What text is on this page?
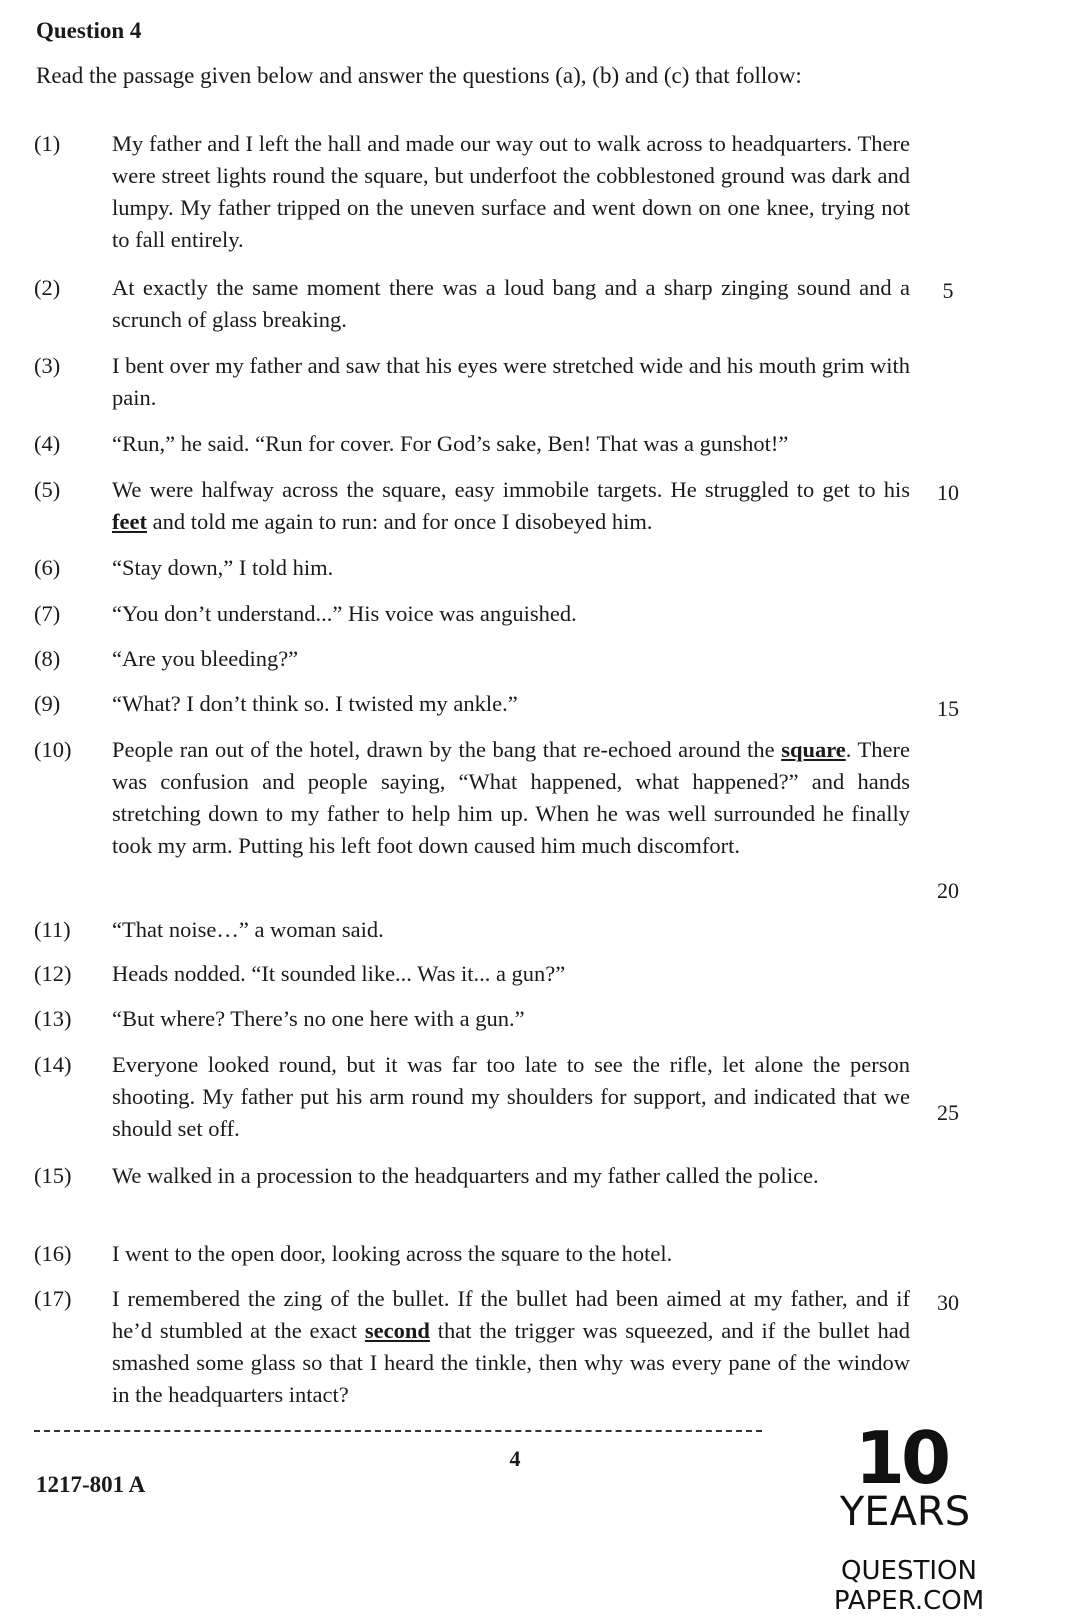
Question 4
Read the passage given below and answer the questions (a), (b) and (c) that follow:
(1)	My father and I left the hall and made our way out to walk across to headquarters. There were street lights round the square, but underfoot the cobblestoned ground was dark and lumpy. My father tripped on the uneven surface and went down on one knee, trying not to fall entirely.
(2)	At exactly the same moment there was a loud bang and a sharp zinging sound and a scrunch of glass breaking.
(3)	I bent over my father and saw that his eyes were stretched wide and his mouth grim with pain.
(4)	“Run,” he said. “Run for cover. For God’s sake, Ben! That was a gunshot!”
(5)	We were halfway across the square, easy immobile targets. He struggled to get to his feet and told me again to run: and for once I disobeyed him.
(6)	“Stay down,” I told him.
(7)	“You don’t understand...” His voice was anguished.
(8)	“Are you bleeding?”
(9)	“What? I don’t think so. I twisted my ankle.”
(10)	People ran out of the hotel, drawn by the bang that re-echoed around the square. There was confusion and people saying, “What happened, what happened?” and hands stretching down to my father to help him up. When he was well surrounded he finally took my arm. Putting his left foot down caused him much discomfort.
(11)	“That noise…” a woman said.
(12)	Heads nodded. “It sounded like... Was it... a gun?”
(13)	“But where? There’s no one here with a gun.”
(14)	Everyone looked round, but it was far too late to see the rifle, let alone the person shooting. My father put his arm round my shoulders for support, and indicated that we should set off.
(15)	We walked in a procession to the headquarters and my father called the police.
(16)	I went to the open door, looking across the square to the hotel.
(17)	I remembered the zing of the bullet. If the bullet had been aimed at my father, and if he’d stumbled at the exact second that the trigger was squeezed, and if the bullet had smashed some glass so that I heard the tinkle, then why was every pane of the window in the headquarters intact?
5
10
15
20
25
30
4
1217-801 A	10
YEARS
QUESTION PAPER.COM
